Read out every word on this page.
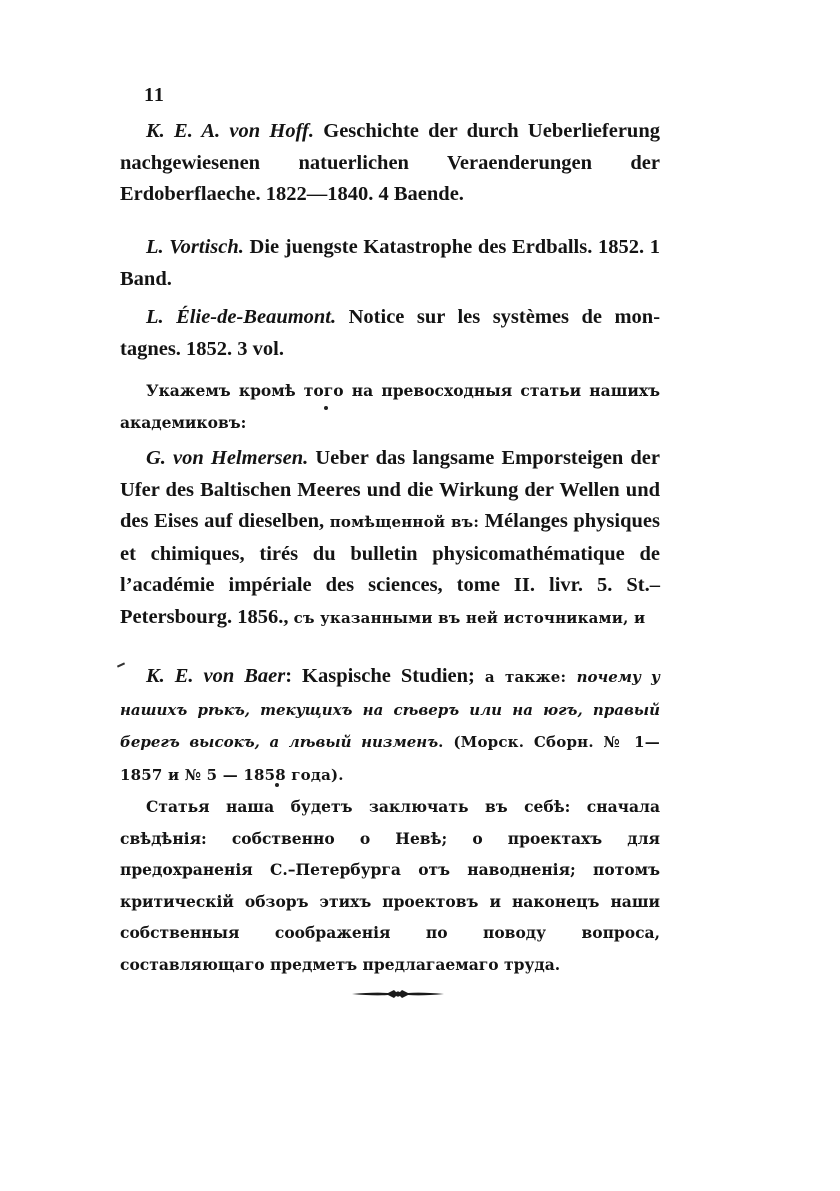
11

K. E. A. von Hoff. Geschichte der durch Ueberlieferung nachgewiesenen natuerlichen Veraenderungen der Erdoberflaeche. 1822—1840. 4 Baende.

L. Vortisch. Die juengste Katastrophe des Erdballs. 1852. 1 Band.

L. Élie-de-Beaumont. Notice sur les systèmes de montagnes. 1852. 3 vol.

Укажемъ кромѣ того на превосходныя статьи нашихъ академиковъ:

G. von Helmersen. Ueber das langsame Emporsteigen der Ufer des Baltischen Meeres und die Wirkung der Wellen und des Eises auf dieselben, помѣщенной въ: Mélanges physiques et chimiques, tirés du bulletin physicomathématique de l’académie impériale des sciences, tome II. livr. 5. St.–Petersbourg. 1856., съ указанными въ ней источниками, и

K. E. von Baer: Kaspische Studien; а также: почему у нашихъ рѣкъ, текущихъ на сѣверъ или на югъ, правый берегъ высокъ, а лѣвый низменъ. (Морск. Сборн. № 1—1857 и № 5 — 1858 года).

Статья наша будетъ заключать въ себѣ: сначала свѣдѣнія: собственно о Невѣ; о проектахъ для предохраненія С.–Петербурга отъ наводненія; потомъ критическій обзоръ этихъ проектовъ и наконецъ наши собственныя соображенія по поводу вопроса, составляющаго предметъ предлагаемаго труда.
